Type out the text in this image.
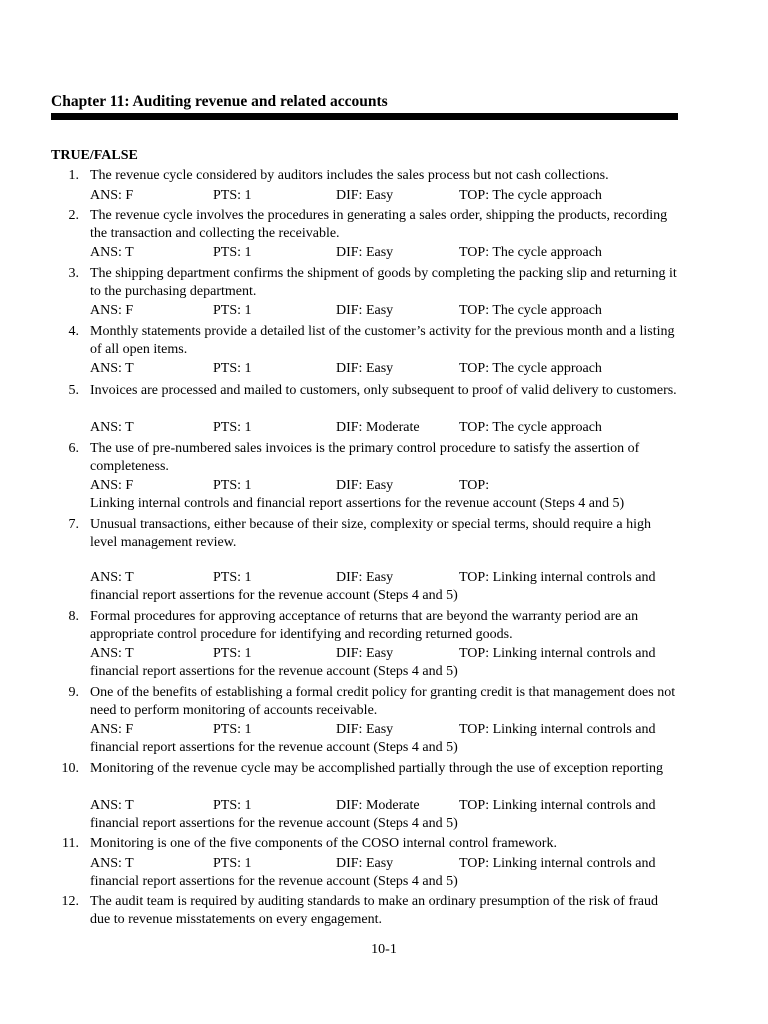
Chapter 11: Auditing revenue and related accounts
TRUE/FALSE
1. The revenue cycle considered by auditors includes the sales process but not cash collections.
ANS: F	PTS: 1	DIF: Easy	TOP: The cycle approach
2. The revenue cycle involves the procedures in generating a sales order, shipping the products, recording the transaction and collecting the receivable.
ANS: T	PTS: 1	DIF: Easy	TOP: The cycle approach
3. The shipping department confirms the shipment of goods by completing the packing slip and returning it to the purchasing department.
ANS: F	PTS: 1	DIF: Easy	TOP: The cycle approach
4. Monthly statements provide a detailed list of the customer’s activity for the previous month and a listing of all open items.
ANS: T	PTS: 1	DIF: Easy	TOP: The cycle approach
5. Invoices are processed and mailed to customers, only subsequent to proof of valid delivery to customers.
ANS: T	PTS: 1	DIF: Moderate	TOP: The cycle approach
6. The use of pre-numbered sales invoices is the primary control procedure to satisfy the assertion of completeness.
ANS: F	PTS: 1	DIF: Easy	TOP:
Linking internal controls and financial report assertions for the revenue account (Steps 4 and 5)
7. Unusual transactions, either because of their size, complexity or special terms, should require a high level management review.
ANS: T	PTS: 1	DIF: Easy	TOP: Linking internal controls and
financial report assertions for the revenue account (Steps 4 and 5)
8. Formal procedures for approving acceptance of returns that are beyond the warranty period are an appropriate control procedure for identifying and recording returned goods.
ANS: T	PTS: 1	DIF: Easy	TOP: Linking internal controls and
financial report assertions for the revenue account (Steps 4 and 5)
9. One of the benefits of establishing a formal credit policy for granting credit is that management does not need to perform monitoring of accounts receivable.
ANS: F	PTS: 1	DIF: Easy	TOP: Linking internal controls and
financial report assertions for the revenue account (Steps 4 and 5)
10. Monitoring of the revenue cycle may be accomplished partially through the use of exception reporting
ANS: T	PTS: 1	DIF: Moderate	TOP: Linking internal controls and
financial report assertions for the revenue account (Steps 4 and 5)
11. Monitoring is one of the five components of the COSO internal control framework.
ANS: T	PTS: 1	DIF: Easy	TOP: Linking internal controls and
financial report assertions for the revenue account (Steps 4 and 5)
12. The audit team is required by auditing standards to make an ordinary presumption of the risk of fraud due to revenue misstatements on every engagement.
10-1
